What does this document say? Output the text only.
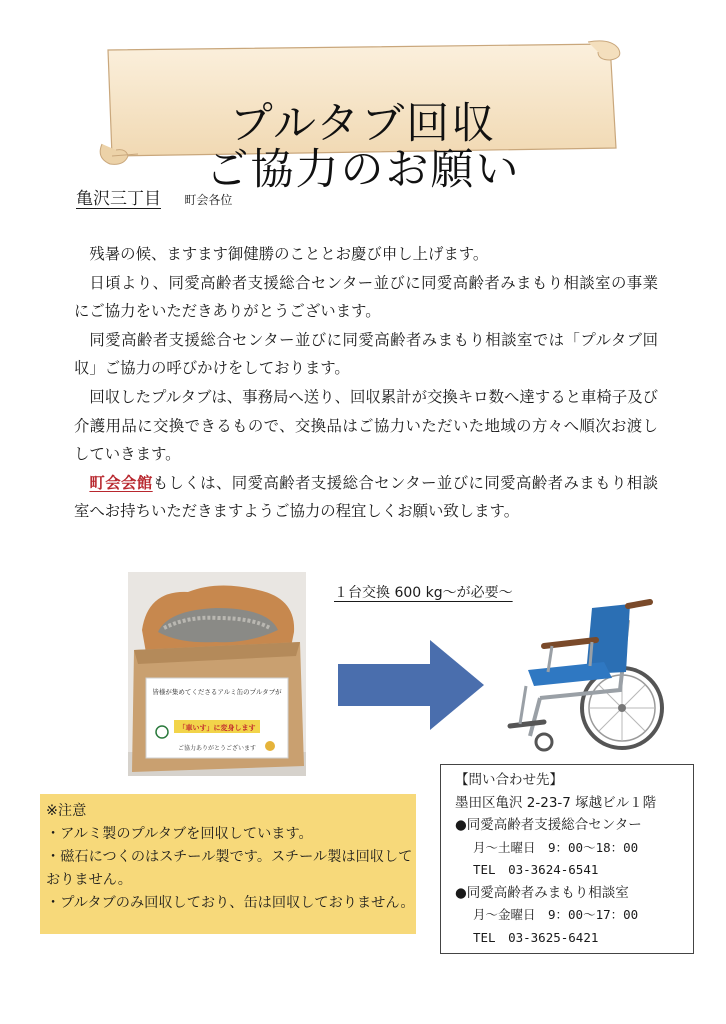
プルタブ回収
ご協力のお願い
亀沢三丁目 町会各位

残暑の候、ますます御健勝のこととお慶び申し上げます。

日頃より、同愛高齢者支援総合センター並びに同愛高齢者みまもり相談室の事業にご協力をいただきありがとうございます。

同愛高齢者支援総合センター並びに同愛高齢者みまもり相談室では「プルタブ回収」ご協力の呼びかけをしております。

回収したプルタブは、事務局へ送り、回収累計が交換キロ数へ達すると車椅子及び介護用品に交換できるもので、交換品はご協力いただいた地域の方々へ順次お渡ししていきます。

町会会館もしくは、同愛高齢者支援総合センター並びに同愛高齢者みまもり相談室へお持ちいただきますようご協力の程宜しくお願い致します。

皆様が集めてくださるアルミ缶のプルタブが
「車いす」に変身します
ご協力ありがとうございます
１台交換 600 kg～が必要～
※注意
・アルミ製のプルタブを回収しています。
・磁石につくのはスチール製です。スチール製は回収しておりません。
・プルタブのみ回収しており、缶は回収しておりません。
【問い合わせ先】
墨田区亀沢 2-23-7 塚越ビル１階
●同愛高齢者支援総合センター
月～土曜日　9：00～18：00
TEL　03-3624-6541
●同愛高齢者みまもり相談室
月～金曜日　9：00～17：00
TEL　03-3625-6421
